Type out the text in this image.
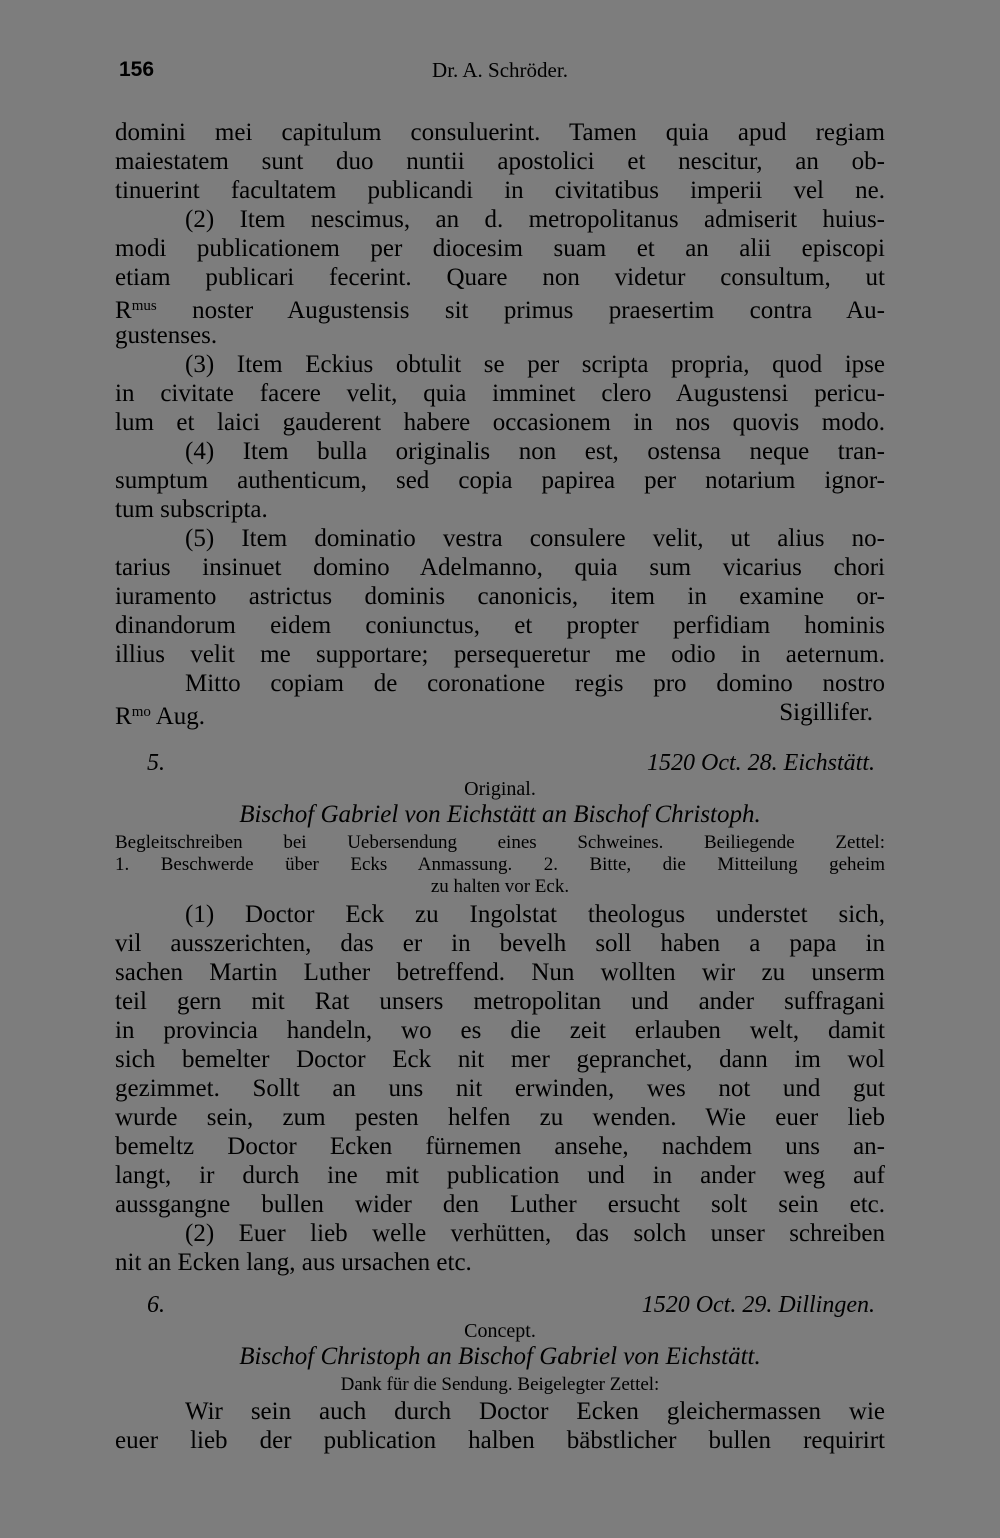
156	Dr. A. Schröder.
domini mei capitulum consuluerint. Tamen quia apud regiam
maiestatem sunt duo nuntii apostolici et nescitur, an ob-
tinuerint facultatem publicandi in civitatibus imperii vel ne.
(2) Item nescimus, an d. metropolitanus admiserit huius-
modi publicationem per diocesim suam et an alii episcopi
etiam publicari fecerint. Quare non videtur consultum, ut
$R^{mus}$ noster Augustensis sit primus praesertim contra Au-
gustenses.
(3) Item Eckius obtulit se per scripta propria, quod ipse
in civitate facere velit, quia imminet clero Augustensi pericu-
lum et laici gauderent habere occasionem in nos quovis modo.
(4) Item bulla originalis non est, ostensa neque tran-
sumptum authenticum, sed copia papirea per notarium ignor-
tum subscripta.
(5) Item dominatio vestra consulere velit, ut alius no-
tarius insinuet domino Adelmanno, quia sum vicarius chori
iuramento astrictus dominis canonicis, item in examine or-
dinandorum eidem coniunctus, et propter perfidiam hominis
illius velit me supportare; persequeretur me odio in aeternum.
Mitto copiam de coronatione regis pro domino nostro
$R^{mo}$ Aug.	Sigillifer.
5.	1520 Oct. 28. Eichstätt.
Original.
Bischof Gabriel von Eichstätt an Bischof Christoph.
Begleitschreiben bei Uebersendung eines Schweines. Beiliegende Zettel:
1. Beschwerde über Ecks Anmassung. 2. Bitte, die Mitteilung geheim
zu halten vor Eck.
(1) Doctor Eck zu Ingolstat theologus understet sich,
vil ausszerichten, das er in bevelh soll haben a papa in
sachen Martin Luther betreffend. Nun wollten wir zu unserm
teil gern mit Rat unsers metropolitan und ander suffragani
in provincia handeln, wo es die zeit erlauben welt, damit
sich bemelter Doctor Eck nit mer gepranchet, dann im wol
gezimmet. Sollt an uns nit erwinden, wes not und gut
wurde sein, zum pesten helfen zu wenden. Wie euer lieb
bemeltz Doctor Ecken fürnemen ansehe, nachdem uns an-
langt, ir durch ine mit publication und in ander weg auf
aussgangne bullen wider den Luther ersucht solt sein etc.
(2) Euer lieb welle verhütten, das solch unser schreiben
nit an Ecken lang, aus ursachen etc.
6.	1520 Oct. 29. Dillingen.
Concept.
Bischof Christoph an Bischof Gabriel von Eichstätt.
Dank für die Sendung. Beigelegter Zettel:
Wir sein auch durch Doctor Ecken gleichermassen wie
euer lieb der publication halben bäbstlicher bullen requirirt
